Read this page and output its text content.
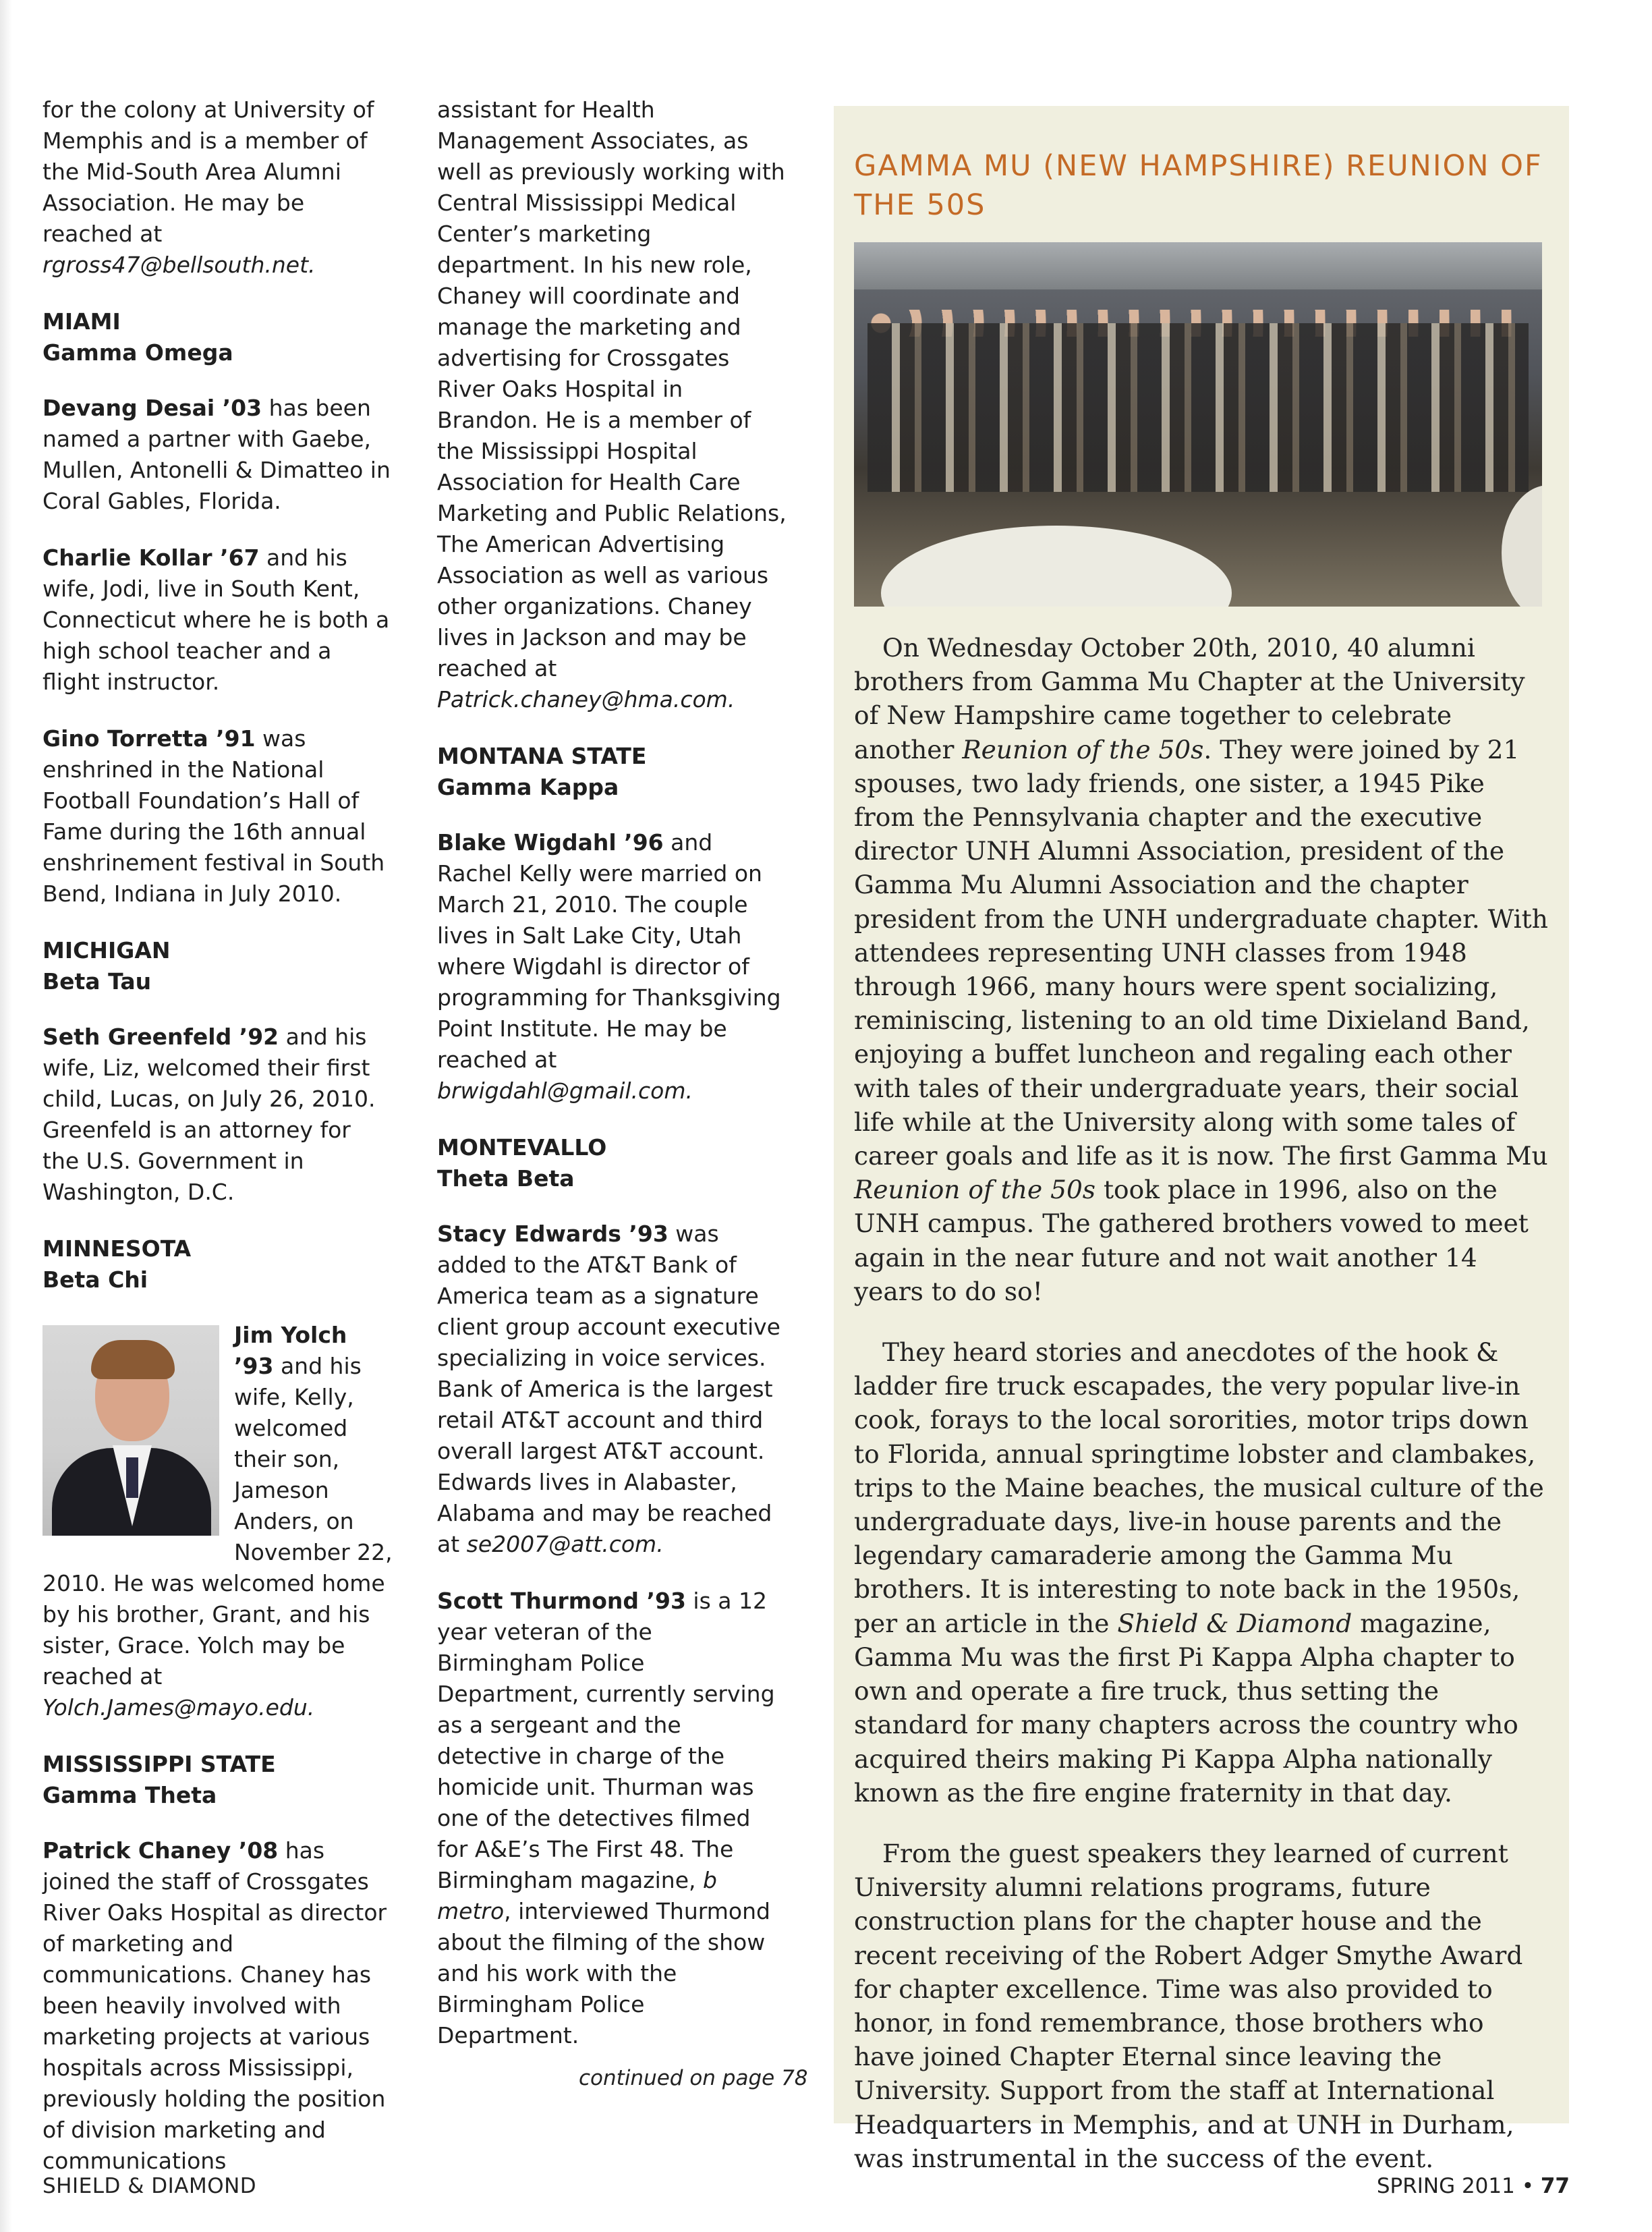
for the colony at University of Memphis and is a member of the Mid-South Area Alumni Association. He may be reached at rgross47@bellsouth.net.

MIAMI
Gamma Omega

Devang Desai ’03 has been named a partner with Gaebe, Mullen, Antonelli & Dimatteo in Coral Gables, Florida.

Charlie Kollar ’67 and his wife, Jodi, live in South Kent, Connecticut where he is both a high school teacher and a flight instructor.

Gino Torretta ’91 was enshrined in the National Football Foundation’s Hall of Fame during the 16th annual enshrinement festival in South Bend, Indiana in July 2010.

MICHIGAN
Beta Tau

Seth Greenfeld ’92 and his wife, Liz, welcomed their first child, Lucas, on July 26, 2010. Greenfeld is an attorney for the U.S. Government in Washington, D.C.

MINNESOTA
Beta Chi

Jim Yolch ’93 and his wife, Kelly, welcomed their son, Jameson Anders, on November 22, 2010. He was welcomed home by his brother, Grant, and his sister, Grace. Yolch may be reached at Yolch.James@mayo.edu.

MISSISSIPPI STATE
Gamma Theta

Patrick Chaney ’08 has joined the staff of Crossgates River Oaks Hospital as director of marketing and communications. Chaney has been heavily involved with marketing projects at various hospitals across Mississippi, previously holding the position of division marketing and communications

assistant for Health Management Associates, as well as previously working with Central Mississippi Medical Center’s marketing department. In his new role, Chaney will coordinate and manage the marketing and advertising for Crossgates River Oaks Hospital in Brandon. He is a member of the Mississippi Hospital Association for Health Care Marketing and Public Relations, The American Advertising Association as well as various other organizations. Chaney lives in Jackson and may be reached at Patrick.chaney@hma.com.

MONTANA STATE
Gamma Kappa

Blake Wigdahl ’96 and Rachel Kelly were married on March 21, 2010. The couple lives in Salt Lake City, Utah where Wigdahl is director of programming for Thanksgiving Point Institute. He may be reached at brwigdahl@gmail.com.

MONTEVALLO
Theta Beta

Stacy Edwards ’93 was added to the AT&T Bank of America team as a signature client group account executive specializing in voice services. Bank of America is the largest retail AT&T account and third overall largest AT&T account. Edwards lives in Alabaster, Alabama and may be reached at se2007@att.com.

Scott Thurmond ’93 is a 12 year veteran of the Birmingham Police Department, currently serving as a sergeant and the detective in charge of the homicide unit. Thurman was one of the detectives filmed for A&E’s The First 48. The Birmingham magazine, b metro, interviewed Thurmond about the filming of the show and his work with the Birmingham Police Department.

continued on page 78
GAMMA MU (NEW HAMPSHIRE) REUNION OF THE 50S

On Wednesday October 20th, 2010, 40 alumni brothers from Gamma Mu Chapter at the University of New Hampshire came together to celebrate another Reunion of the 50s. They were joined by 21 spouses, two lady friends, one sister, a 1945 Pike from the Pennsylvania chapter and the executive director UNH Alumni Association, president of the Gamma Mu Alumni Association and the chapter president from the UNH undergraduate chapter. With attendees representing UNH classes from 1948 through 1966, many hours were spent socializing, reminiscing, listening to an old time Dixieland Band, enjoying a buffet luncheon and regaling each other with tales of their undergraduate years, their social life while at the University along with some tales of career goals and life as it is now. The first Gamma Mu Reunion of the 50s took place in 1996, also on the UNH campus. The gathered brothers vowed to meet again in the near future and not wait another 14 years to do so!

They heard stories and anecdotes of the hook & ladder fire truck escapades, the very popular live-in cook, forays to the local sororities, motor trips down to Florida, annual springtime lobster and clambakes, trips to the Maine beaches, the musical culture of the undergraduate days, live-in house parents and the legendary camaraderie among the Gamma Mu brothers. It is interesting to note back in the 1950s, per an article in the Shield & Diamond magazine, Gamma Mu was the first Pi Kappa Alpha chapter to own and operate a fire truck, thus setting the standard for many chapters across the country who acquired theirs making Pi Kappa Alpha nationally known as the fire engine fraternity in that day.

From the guest speakers they learned of current University alumni relations programs, future construction plans for the chapter house and the recent receiving of the Robert Adger Smythe Award for chapter excellence. Time was also provided to honor, in fond remembrance, those brothers who have joined Chapter Eternal since leaving the University. Support from the staff at International Headquarters in Memphis, and at UNH in Durham, was instrumental in the success of the event.

SHIELD & DIAMOND	SPRING 2011 • 77
